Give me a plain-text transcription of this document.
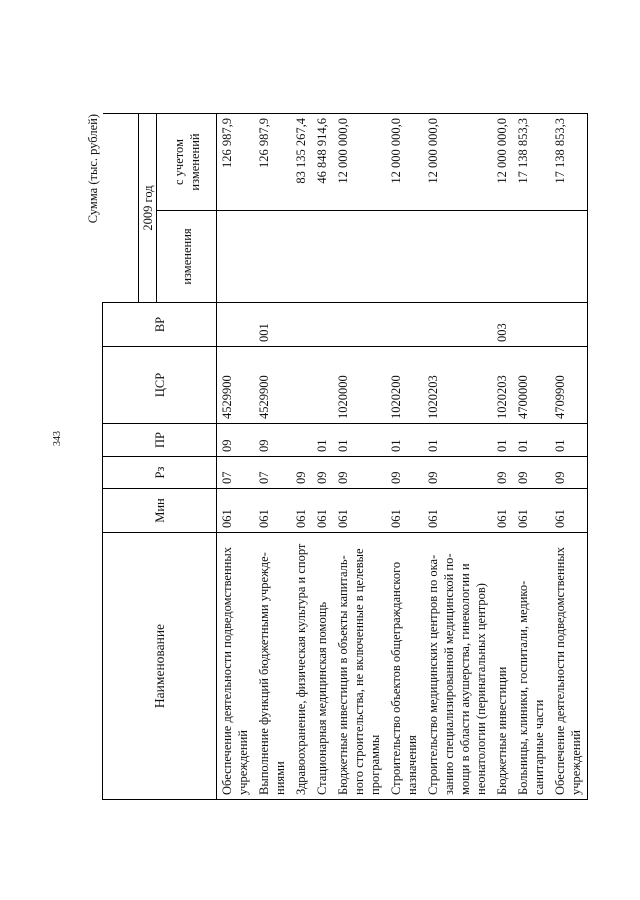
343
Сумма (тыс. рублей)
Наименование	Мин	Рз	ПР	ЦСР	ВР		
						2009 год	
						изменения	с учетом изменений
Обеспечение деятельности подведомственных учреждений	061	07	09	4529900			126 987,9
Выполнение функций бюджетными учрежде-ниями	061	07	09	4529900	001		126 987,9
Здравоохранение, физическая культура и спорт	061	09					83 135 267,4
Стационарная медицинская помощь	061	09	01				46 848 914,6
Бюджетные инвестиции в объекты капиталь-ного строительства, не включенные в целевые программы	061	09	01	1020000			12 000 000,0
Строительство объектов общегражданского назначения	061	09	01	1020200			12 000 000,0
Строительство медицинских центров по ока-занию специализированной медицинской по-мощи в области акушерства, гинекологии и неонатологии (перинатальных центров)	061	09	01	1020203			12 000 000,0
Бюджетные инвестиции	061	09	01	1020203	003		12 000 000,0
Больницы, клиники, госпитали, медико-санитарные части	061	09	01	4700000			17 138 853,3
Обеспечение деятельности подведомственных учреждений	061	09	01	4709900			17 138 853,3
